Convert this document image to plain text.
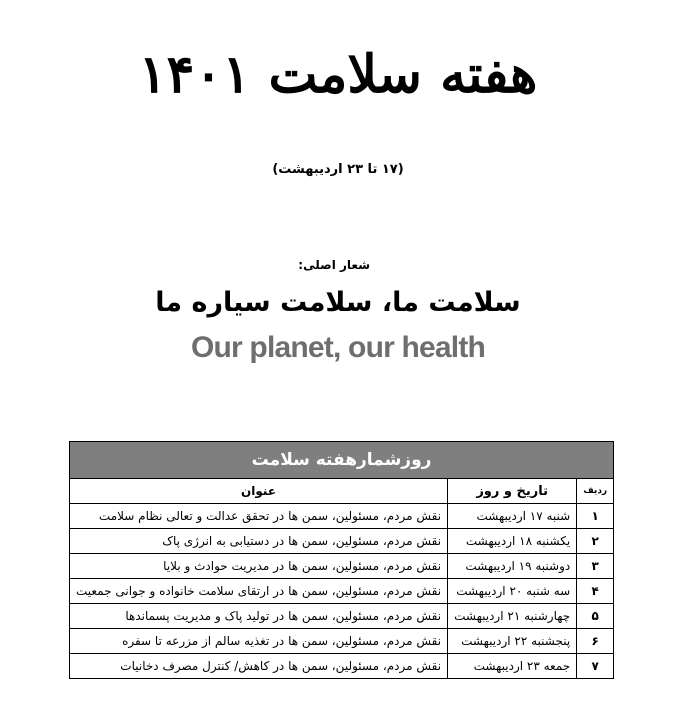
هفته سلامت ۱۴۰۱
(۱۷ تا ۲۳ اردیبهشت)
شعار اصلی:
سلامت ما، سلامت سیاره ما
Our planet, our health
روزشمارهفته سلامت		
ردیف	تاریخ و روز	عنوان
۱	شنبه ۱۷ اردیبهشت	نقش مردم، مسئولین، سمن ها در تحقق عدالت و تعالی نظام سلامت
۲	یکشنبه ۱۸ اردیبهشت	نقش مردم، مسئولین، سمن ها در دستیابی به انرژی پاک
۳	دوشنبه ۱۹ اردیبهشت	نقش مردم، مسئولین، سمن ها در مدیریت حوادث و بلایا
۴	سه شنبه ۲۰ اردیبهشت	نقش مردم، مسئولین، سمن ها در ارتقای سلامت خانواده و جوانی جمعیت
۵	چهارشنبه ۲۱ اردیبهشت	نقش مردم، مسئولین، سمن ها در تولید پاک و مدیریت پسماندها
۶	پنجشنبه ۲۲ اردیبهشت	نقش مردم، مسئولین، سمن ها در تغذیه سالم از مزرعه تا سفره
۷	جمعه ۲۳ اردیبهشت	نقش مردم، مسئولین، سمن ها در کاهش/ کنترل مصرف دخانیات
